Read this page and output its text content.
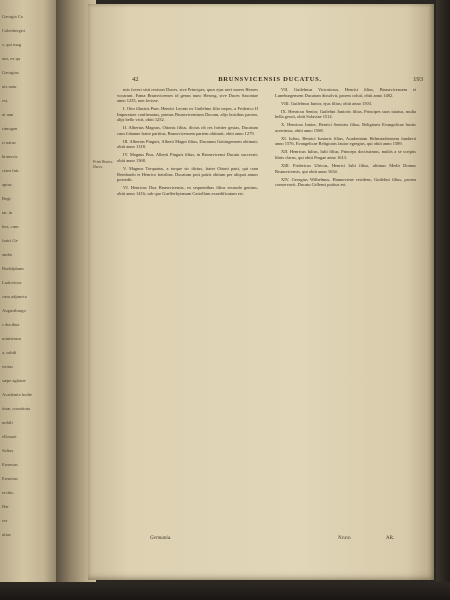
Georgia Co
Calenbergici
s, qui mag
um, ex qu
Georgius
nis natu
est.
ui ann
rimogen
ri natus
brunsvic
ciam fuit.
aptus
Regi
iæ, in
hus, cum
fratri Ge
ambo
Rudolphum
Ludovicus
cum adjuncta
Augustburgo
s ducibus
ministrum
a, subdi
exitus
sæpe agitatæ
Academia hodie
tinæ, constituta
nobili
ellosuoi
Salius
Ernestus
Ernestus
erchis.
Hæ
res
ultas
42	BRUNSVICENSIS DUCATUS.	193
Primi Brunsv. Duces.

nsis foveri sisit rexisset Duces, sive Principes, quos ejus aevi mores Heroes vocarunt. Fama Brunsvicenses id genus nunc Herzog, sive Duces Saxoniae anno 1235, non fecisse.

I. Otto illustris Puer, Henrici Leonis ex Guilelmo filio nepos, a Friderico II Imperatore confirmatus, primus Brunsvicensium Ducum, alijs hostibus pacem, alijs bello vicit, obiit 1252.

II. Albertus Magnus, Ottonis filius, dictus ob res fortiter gestas, Ducatum cum Johanne fratre partitus, Brunsvicensem partem obtinuit; obiit anno 1279.

III. Albertus Pinguis, Alberti Magni filius, Ducatum Gottingensem obtinuit; obiit anno 1318.

IV. Magnus Pius, Alberti Pinguis filius, in Brunsvicensi Ducatu successit; obiit anno 1368.

V. Magnus Torquatus, a torque sic dictus, frater Ottoni patri, qui cum Bernhardo et Henrico fratribus, Ducatum post patris obitum per aliquot annos possedit.

VI. Henricus Dux Brunsvicensis, ex sequentibus filius secundo genitus, obiit anno 1416; sub quo Guelferbytanum Castellum exaedificatum est.

VII. Guilelmus Victoriosus, Henrici filius, Brunsvicensem et Luneburgensem Ducatum dissolvit, pacem coluit, obiit anno 1482.

VIII. Guilelmus Iunior, ejus filius; obiit anno 1503.

IX. Henricus Senior, Guilelmi Junioris filius, Principes suos tutatus, multa bella gessit, obiit Solaviae 1514.

X. Henricus Iunior, Henrici Senioris filius, Religionis Evangelicae hostis acerrimus, obiit anno 1568.

XI. Iulius, Henrici Iunioris filius, Academiam Helmstadiensem fundavit anno 1576, Evangelicae Religionis fautor egregius, qui obiit anno 1589.

XII. Henricus Iulius, Iulii filius, Princeps doctissimus, multis a se scriptis libris clarus, qui obiit Pragae anno 1613.

XIII. Fridericus Ulricus, Henrici Iulii filius, ultimus Medii Domus Brunsvicensis, qui obiit anno 1634.

XIV. Georgius Wilhelmus, Hannoverae residens, Guilelmi filius, pacem conservavit, Ducatu Cellensi potitus est.

Germania.	Nnnn	AR.
